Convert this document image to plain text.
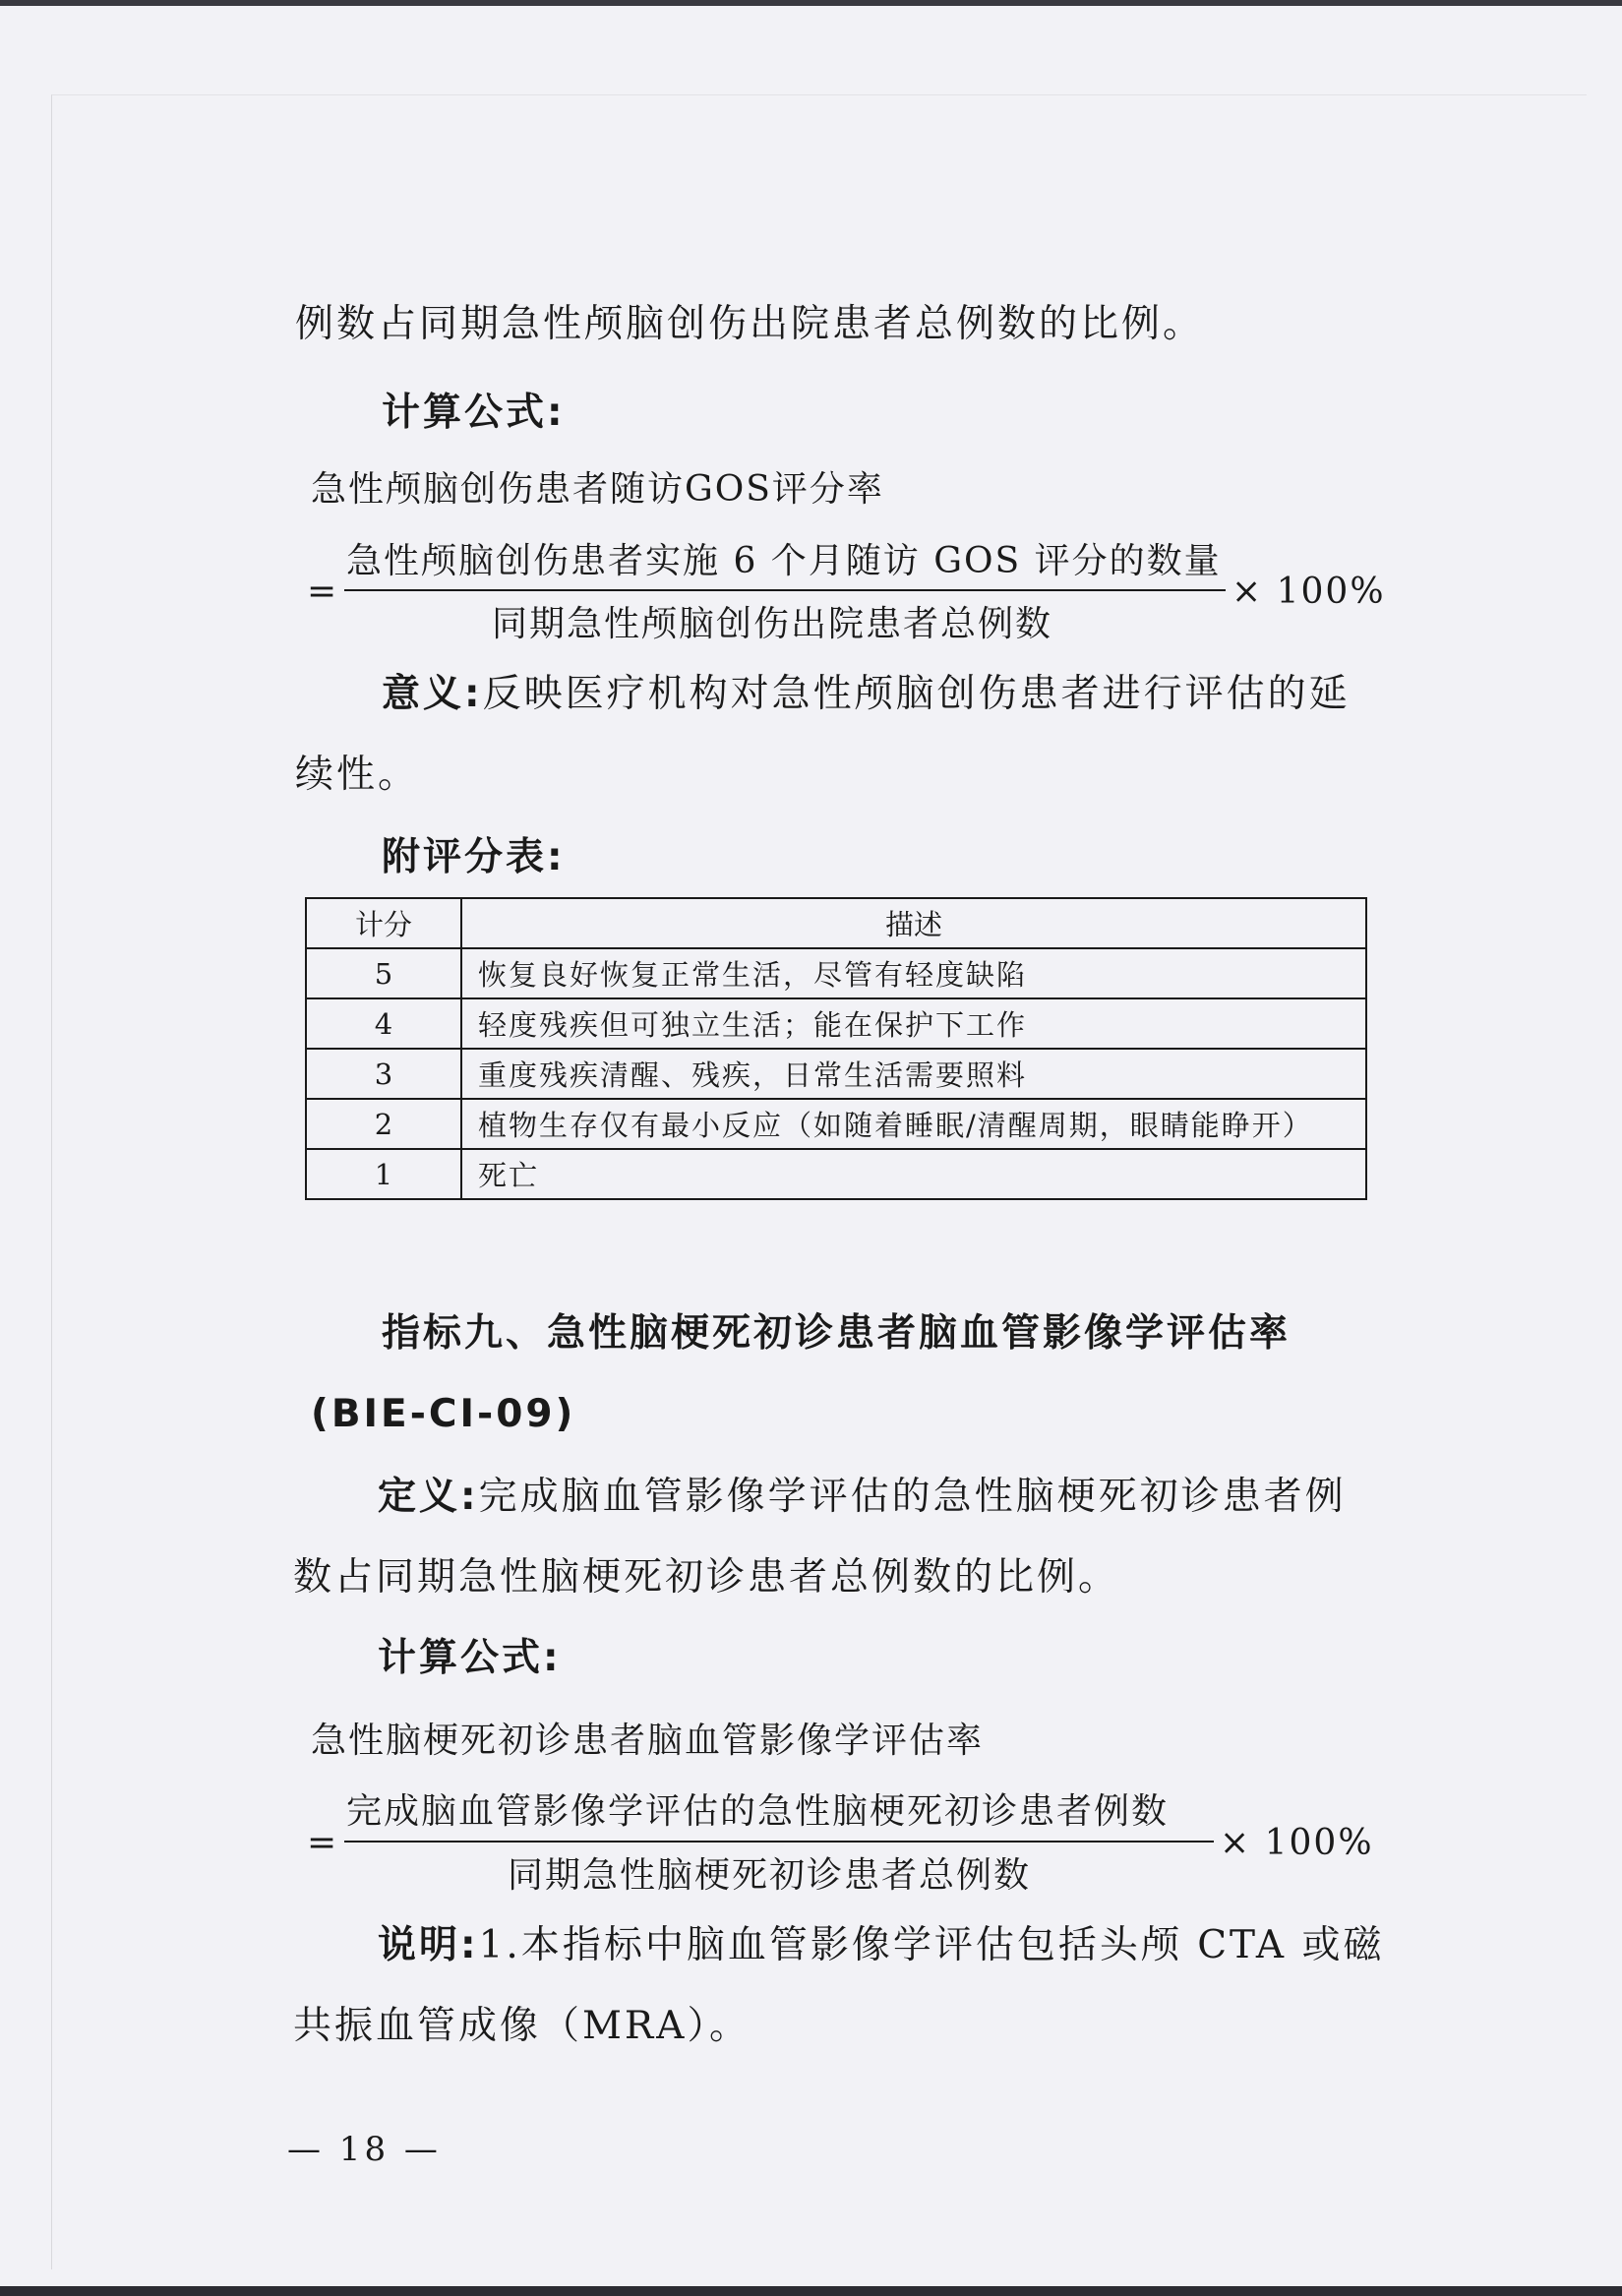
例数占同期急性颅脑创伤出院患者总例数的比例。
计算公式:
急性颅脑创伤患者随访GOS评分率
=
急性颅脑创伤患者实施 6 个月随访 GOS 评分的数量
同期急性颅脑创伤出院患者总例数
× 100%
意义:反映医疗机构对急性颅脑创伤患者进行评估的延
续性。
附评分表:
计分	描述
5	恢复良好恢复正常生活，尽管有轻度缺陷
4	轻度残疾但可独立生活；能在保护下工作
3	重度残疾清醒、残疾，日常生活需要照料
2	植物生存仅有最小反应（如随着睡眠/清醒周期，眼睛能睁开）
1	死亡
指标九、急性脑梗死初诊患者脑血管影像学评估率
(BIE-CI-09)
定义:完成脑血管影像学评估的急性脑梗死初诊患者例
数占同期急性脑梗死初诊患者总例数的比例。
计算公式:
急性脑梗死初诊患者脑血管影像学评估率
=
完成脑血管影像学评估的急性脑梗死初诊患者例数
同期急性脑梗死初诊患者总例数
× 100%
说明:1.本指标中脑血管影像学评估包括头颅 CTA 或磁
共振血管成像（MRA）。
— 18 —
